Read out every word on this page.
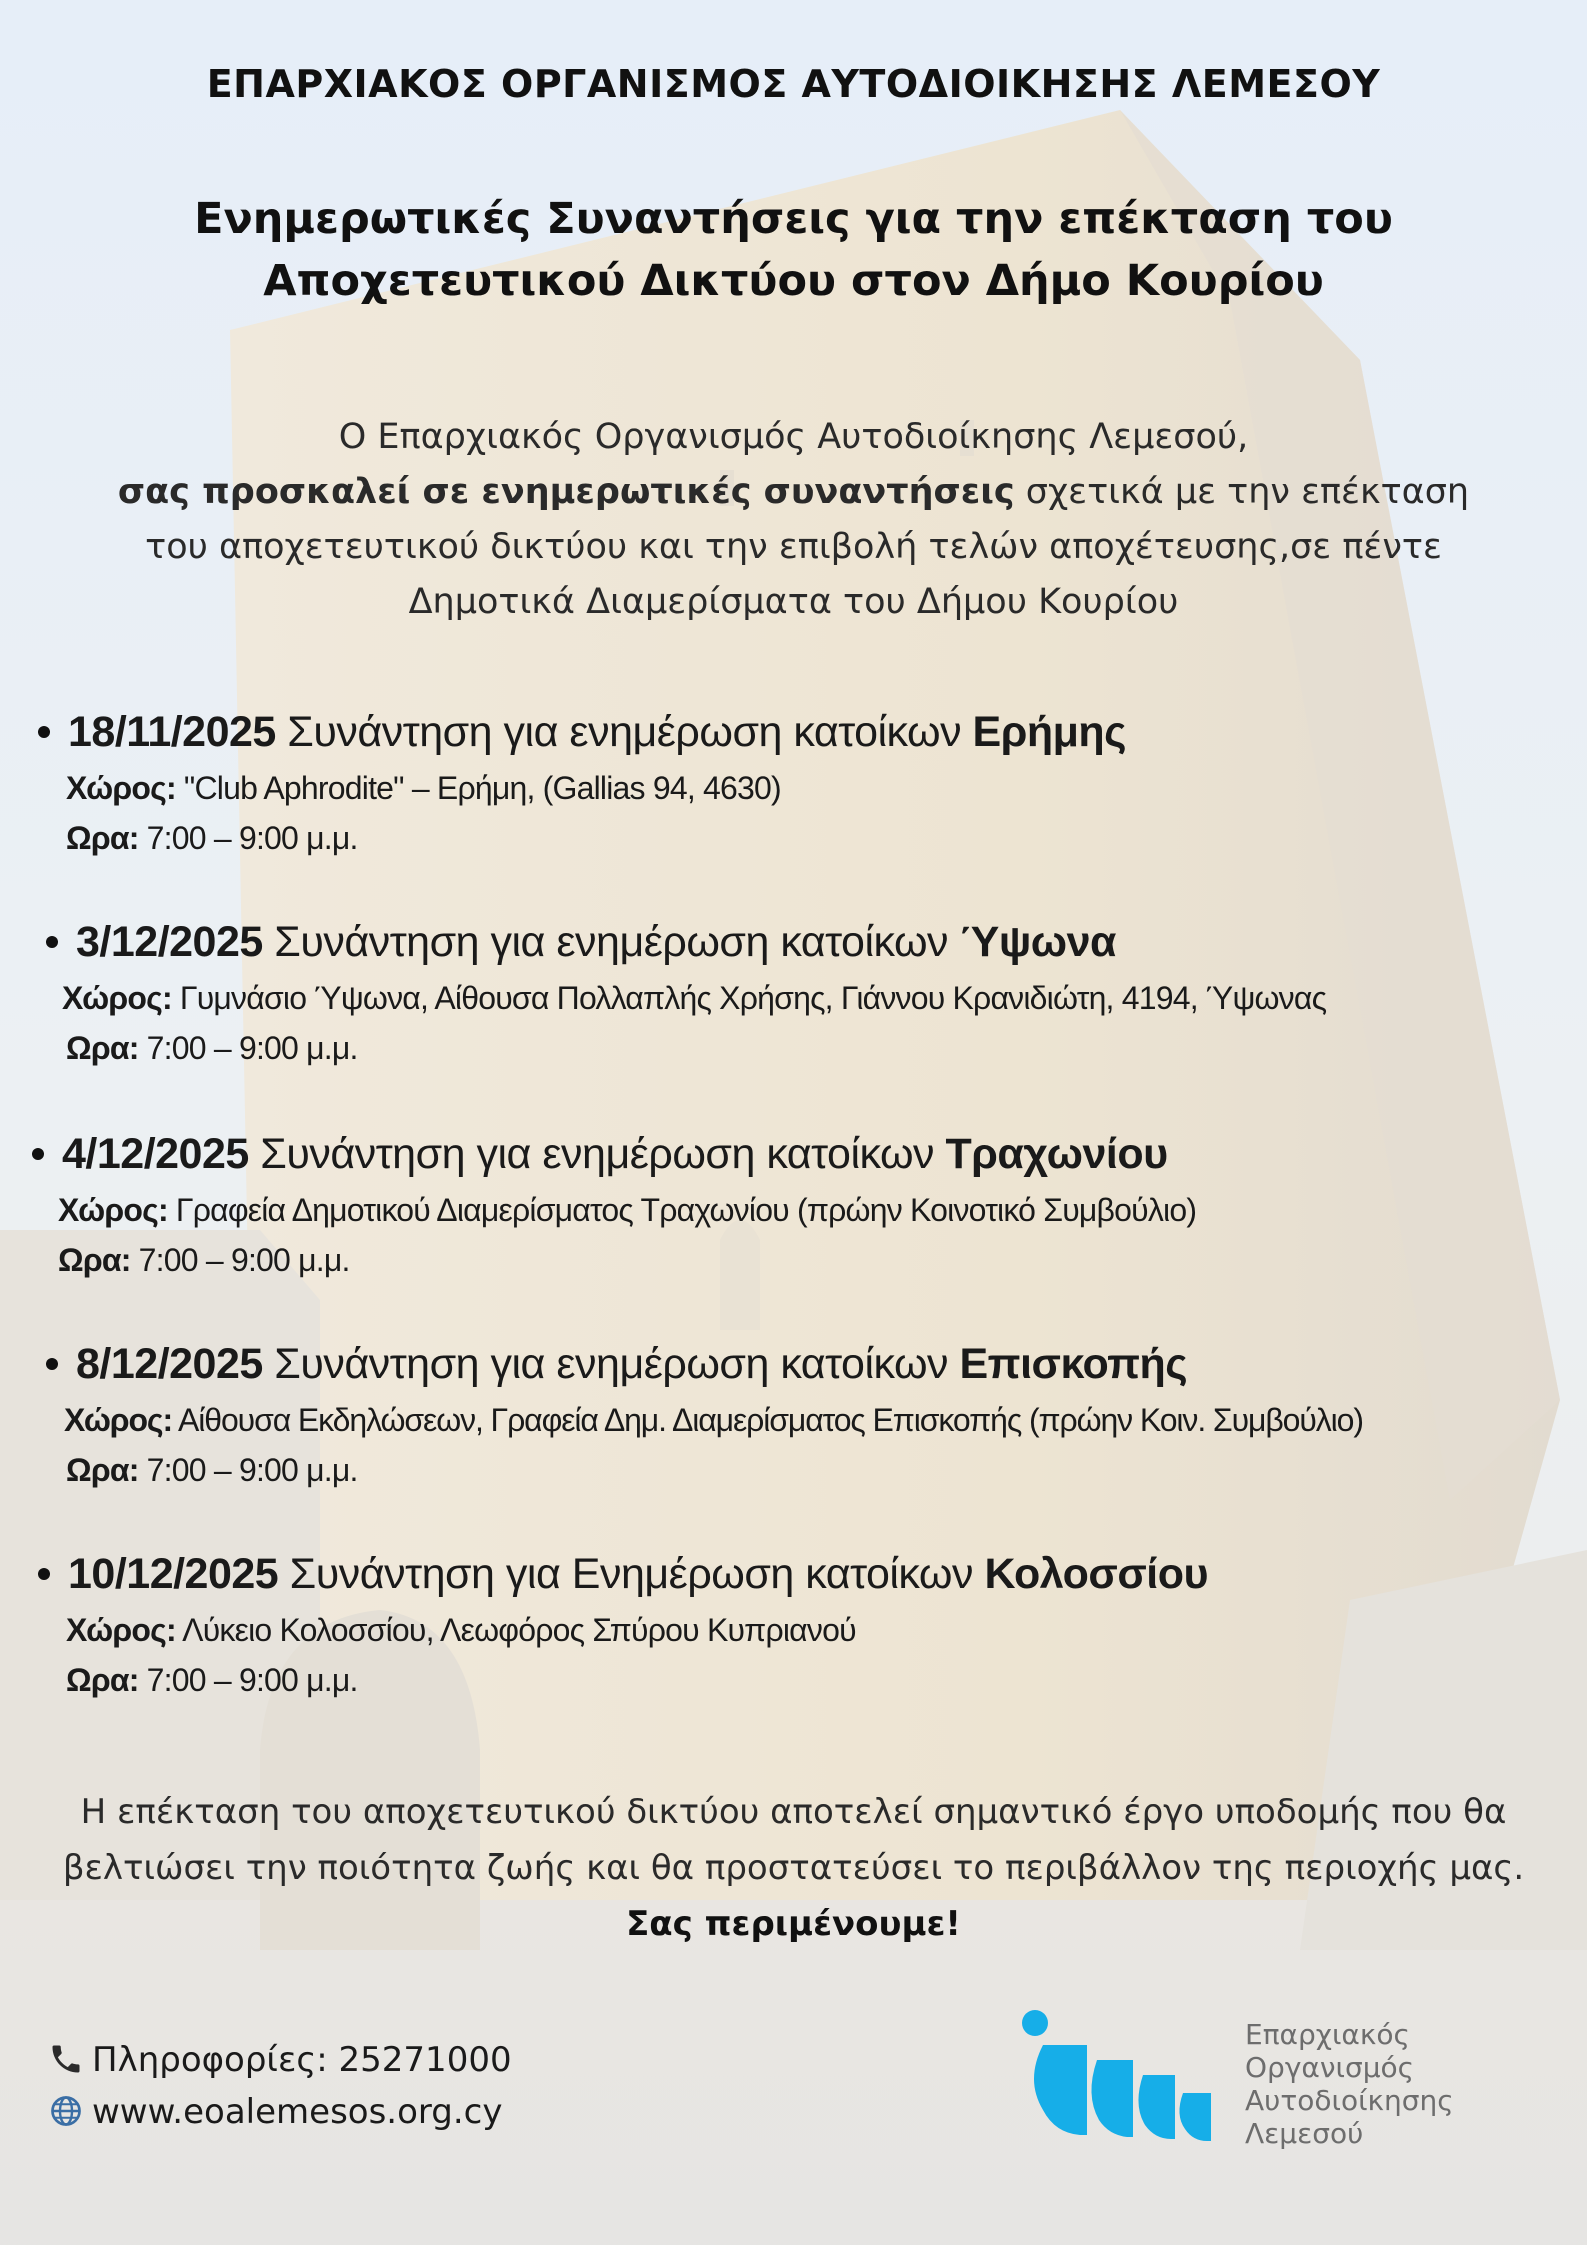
ΕΠΑΡΧΙΑΚΟΣ ΟΡΓΑΝΙΣΜΟΣ ΑΥΤΟΔΙΟΙΚΗΣΗΣ ΛΕΜΕΣΟΥ
Ενημερωτικές Συναντήσεις για την επέκταση του
Αποχετευτικού Δικτύου στον Δήμο Κουρίου
Ο Επαρχιακός Οργανισμός Αυτοδιοίκησης Λεμεσού,
σας προσκαλεί σε ενημερωτικές συναντήσεις σχετικά με την επέκταση
του αποχετευτικού δικτύου και την επιβολή τελών αποχέτευσης,σε πέντε
Δημοτικά Διαμερίσματα του Δήμου Κουρίου
18/11/2025 Συνάντηση για ενημέρωση κατοίκων Ερήμης
Χώρος: "Club Aphrodite" – Ερήμη, (Gallias 94, 4630)
Ωρα: 7:00 – 9:00 μ.μ.
3/12/2025 Συνάντηση για ενημέρωση κατοίκων Ύψωνα
Χώρος: Γυμνάσιο Ύψωνα, Αίθουσα Πολλαπλής Χρήσης, Γιάννου Κρανιδιώτη, 4194, Ύψωνας
Ωρα: 7:00 – 9:00 μ.μ.
4/12/2025 Συνάντηση για ενημέρωση κατοίκων Τραχωνίου
Χώρος: Γραφεία Δημοτικού Διαμερίσματος Τραχωνίου (πρώην Κοινοτικό Συμβούλιο)
Ωρα: 7:00 – 9:00 μ.μ.
8/12/2025 Συνάντηση για ενημέρωση κατοίκων Επισκοπής
Χώρος: Αίθουσα Εκδηλώσεων, Γραφεία Δημ. Διαμερίσματος Επισκοπής (πρώην Κοιν. Συμβούλιο)
Ωρα: 7:00 – 9:00 μ.μ.
10/12/2025 Συνάντηση για Ενημέρωση κατοίκων Κολοσσίου
Χώρος: Λύκειο Κολοσσίου, Λεωφόρος Σπύρου Κυπριανού
Ωρα: 7:00 – 9:00 μ.μ.
Η επέκταση του αποχετευτικού δικτύου αποτελεί σημαντικό έργο υποδομής που θα
βελτιώσει την ποιότητα ζωής και θα προστατεύσει το περιβάλλον της περιοχής μας.
Σας περιμένουμε!
Πληροφορίες: 25271000
www.eoalemesos.org.cy
Επαρχιακός
Οργανισμός
Αυτοδιοίκησης
Λεμεσού
